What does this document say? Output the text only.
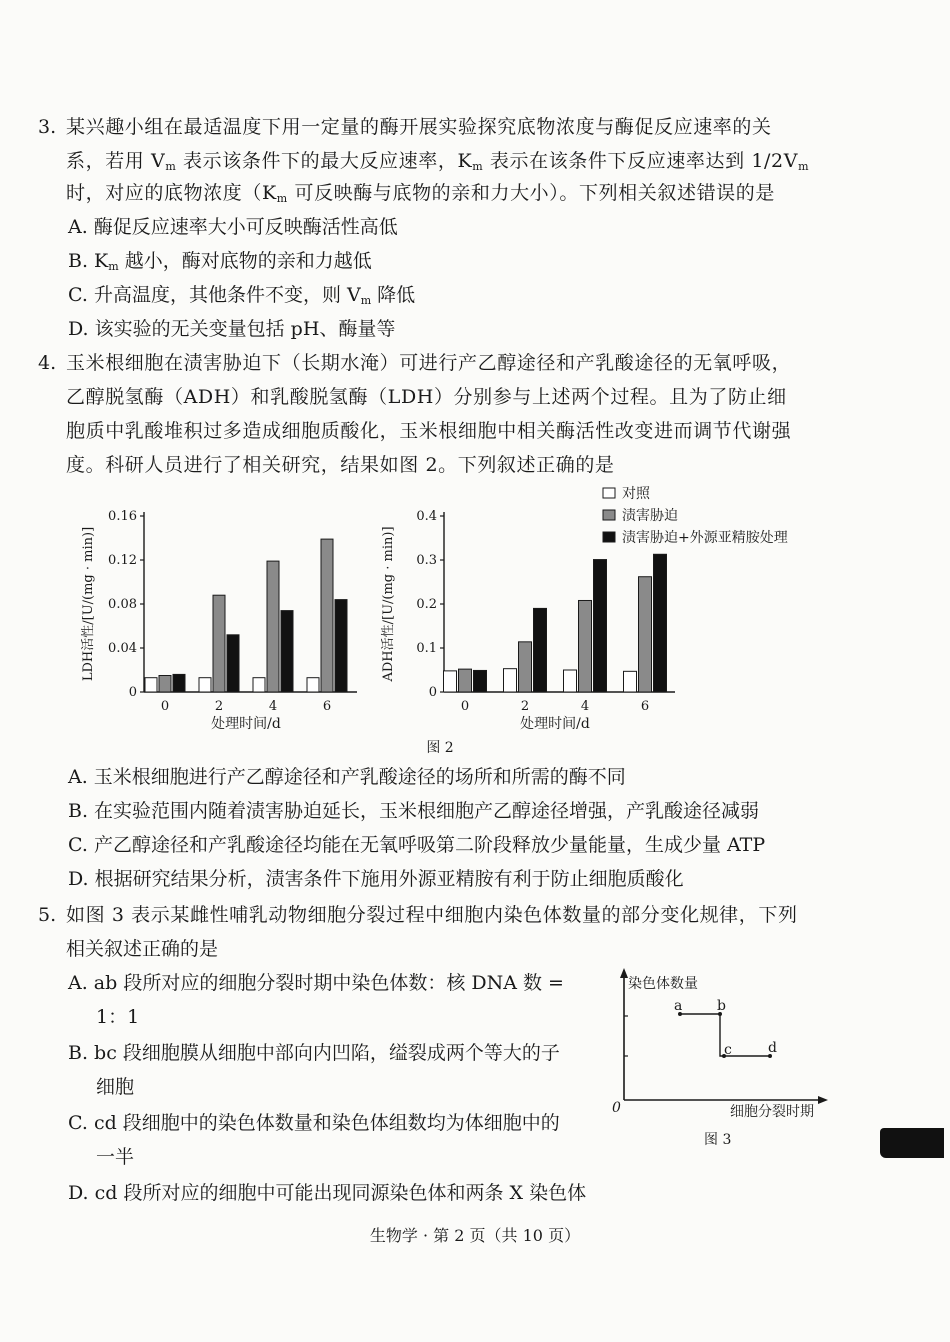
3. 某兴趣小组在最适温度下用一定量的酶开展实验探究底物浓度与酶促反应速率的关
系，若用 $V_m$ 表示该条件下的最大反应速率，$K_m$ 表示在该条件下反应速率达到 $1/2V_m$
时，对应的底物浓度（$K_m$ 可反映酶与底物的亲和力大小）。下列相关叙述错误的是
A. 酶促反应速率大小可反映酶活性高低
B. $K_m$ 越小，酶对底物的亲和力越低
C. 升高温度，其他条件不变，则 $V_m$ 降低
D. 该实验的无关变量包括 pH、酶量等
4. 玉米根细胞在渍害胁迫下（长期水淹）可进行产乙醇途径和产乳酸途径的无氧呼吸，
乙醇脱氢酶（ADH）和乳酸脱氢酶（LDH）分别参与上述两个过程。且为了防止细
胞质中乳酸堆积过多造成细胞质酸化，玉米根细胞中相关酶活性改变进而调节代谢强
度。科研人员进行了相关研究，结果如图 2。下列叙述正确的是
0
0.04
0.08
0.12
0.16
LDH活性/[U/(mg · min)]
0	2	4	6
处理时间/d
0
0.1
0.2
0.3
0.4
ADH活性/[U/(mg · min)]
0	2	4	6
处理时间/d
对照
渍害胁迫
渍害胁迫+外源亚精胺处理
图 2
A. 玉米根细胞进行产乙醇途径和产乳酸途径的场所和所需的酶不同
B. 在实验范围内随着渍害胁迫延长，玉米根细胞产乙醇途径增强，产乳酸途径减弱
C. 产乙醇途径和产乳酸途径均能在无氧呼吸第二阶段释放少量能量，生成少量 ATP
D. 根据研究结果分析，渍害条件下施用外源亚精胺有利于防止细胞质酸化
5. 如图 3 表示某雌性哺乳动物细胞分裂过程中细胞内染色体数量的部分变化规律，下列
相关叙述正确的是
A. ab 段所对应的细胞分裂时期中染色体数：核 DNA 数 =
1：1
B. bc 段细胞膜从细胞中部向内凹陷，缢裂成两个等大的子
细胞
C. cd 段细胞中的染色体数量和染色体组数均为体细胞中的
一半
D. cd 段所对应的细胞中可能出现同源染色体和两条 X 染色体
染色体数量
0	细胞分裂时期
a b
c	d
图 3
生物学 · 第 2 页（共 10 页）
